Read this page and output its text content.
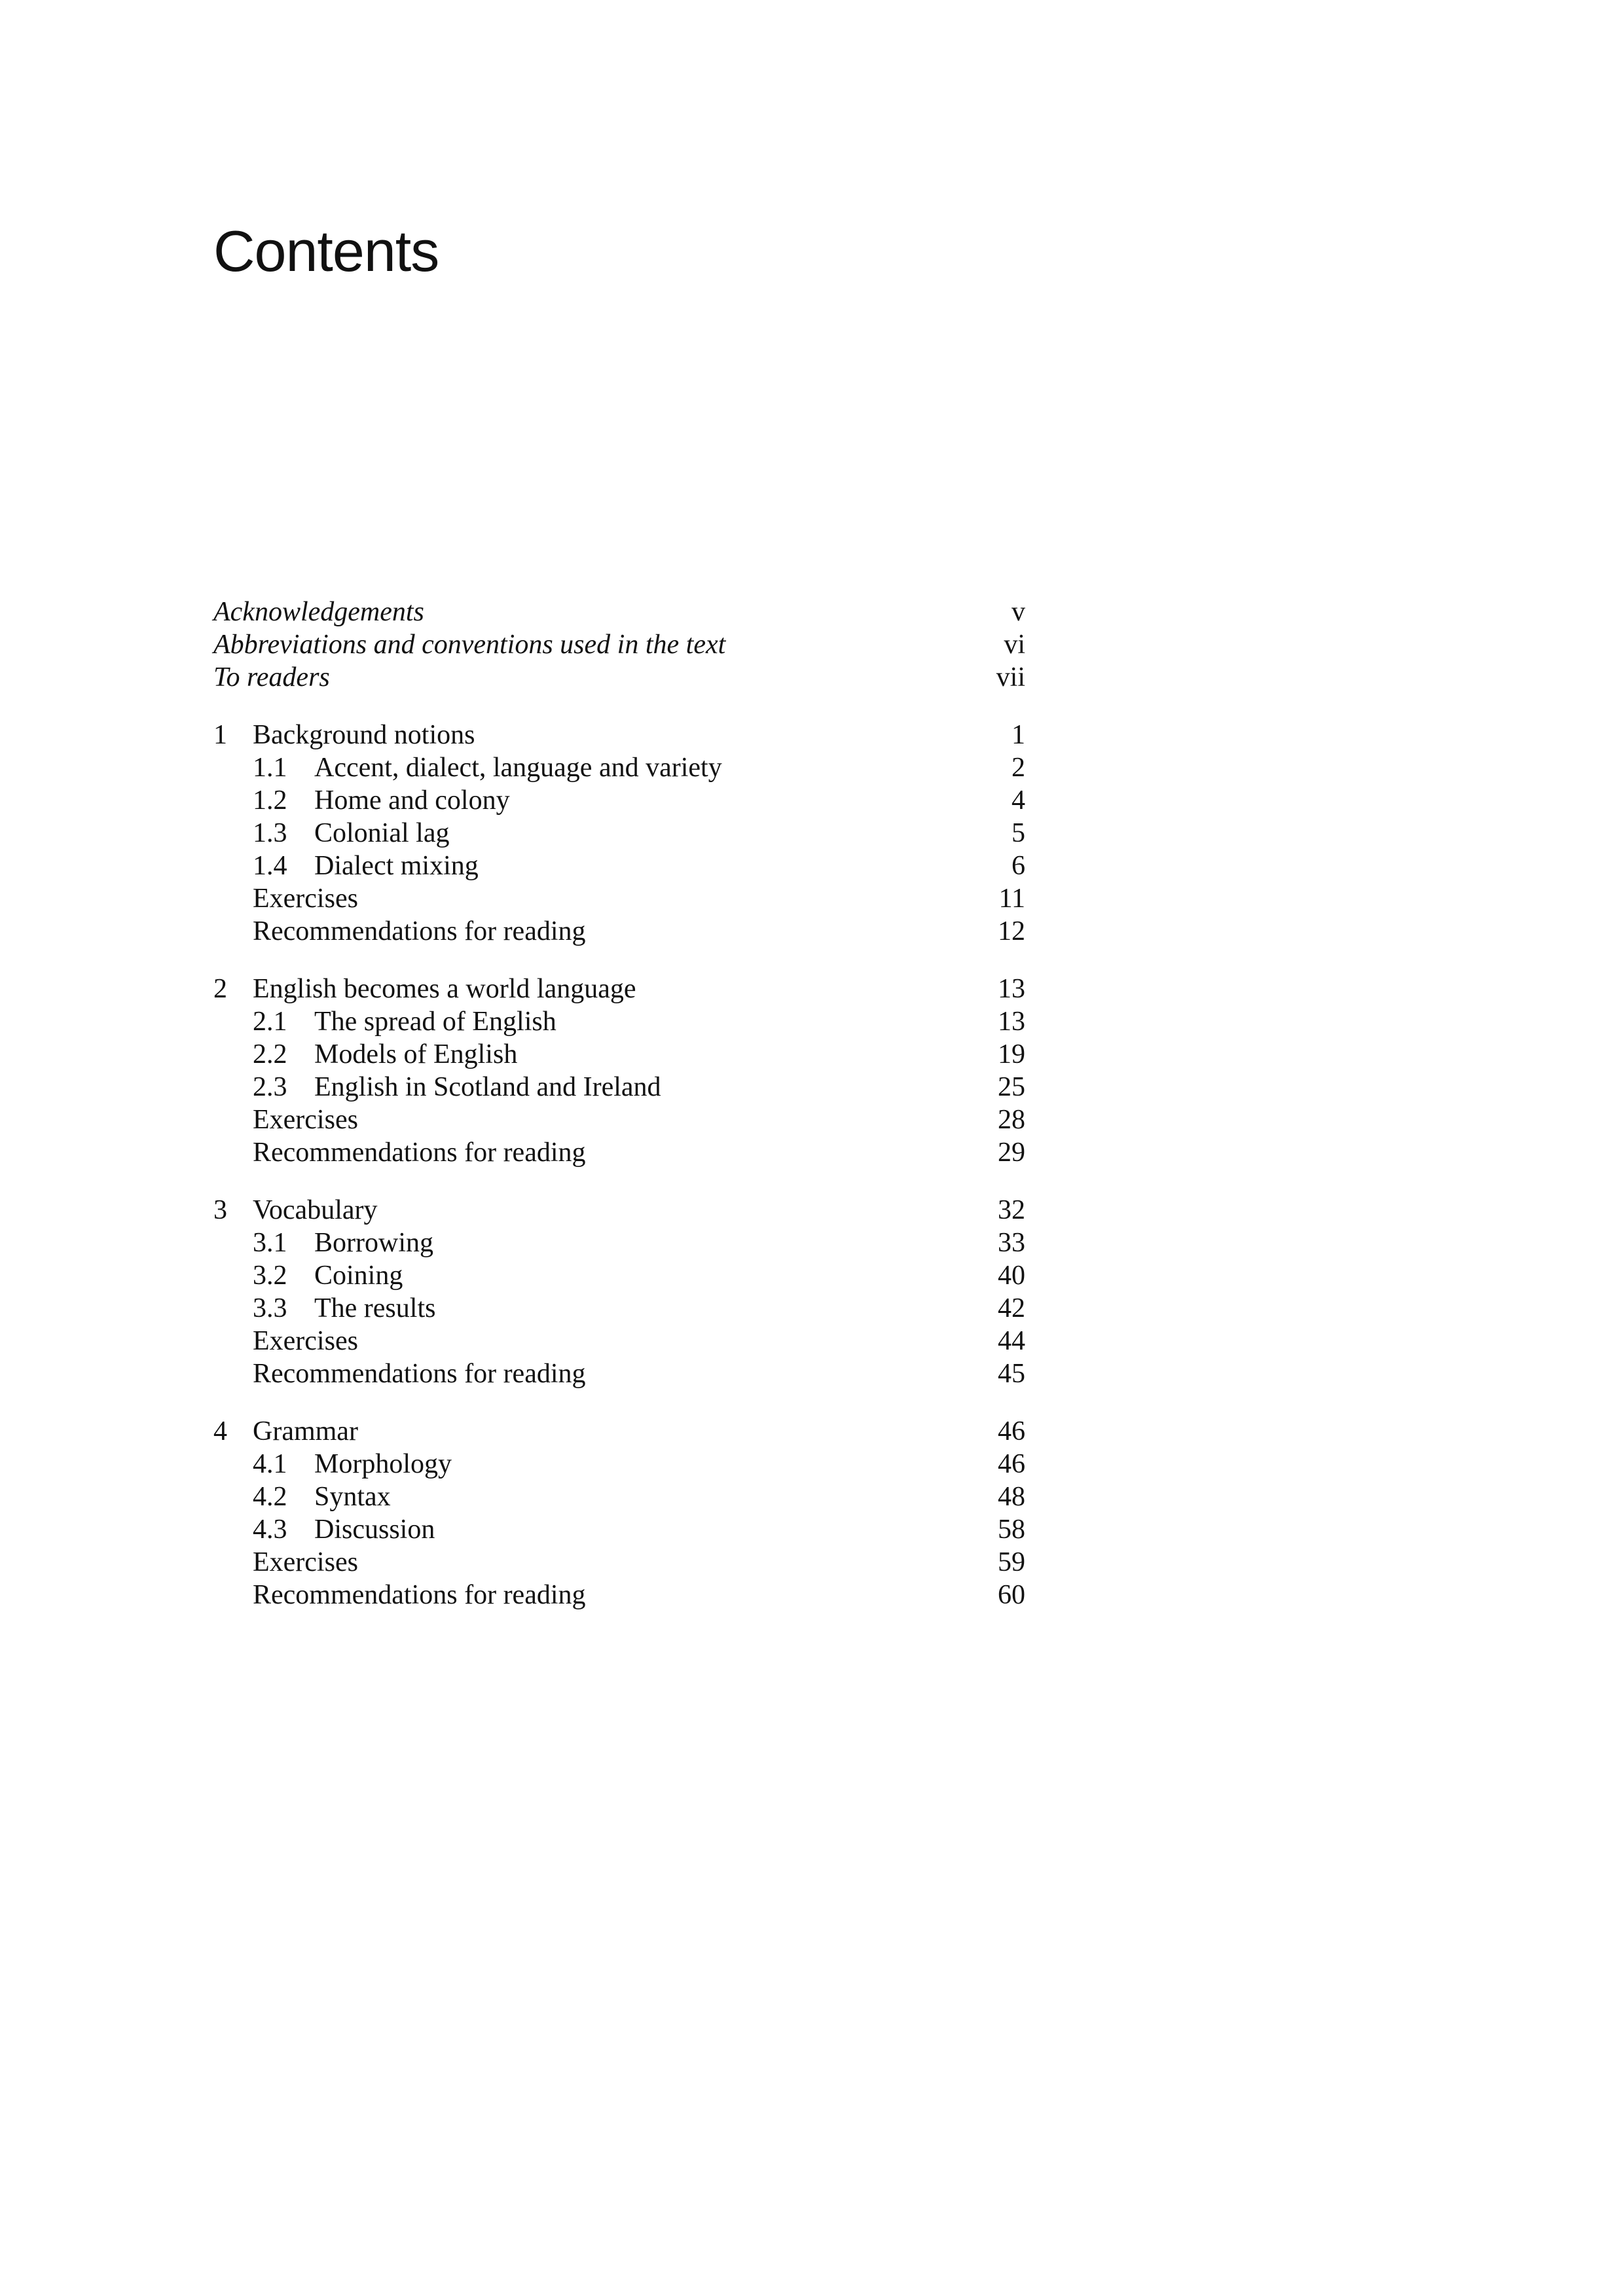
Contents
Acknowledgements	v
Abbreviations and conventions used in the text	vi
To readers	vii
1 Background notions	1
1.1 Accent, dialect, language and variety	2
1.2 Home and colony	4
1.3 Colonial lag	5
1.4 Dialect mixing	6
Exercises	11
Recommendations for reading	12
2 English becomes a world language	13
2.1 The spread of English	13
2.2 Models of English	19
2.3 English in Scotland and Ireland	25
Exercises	28
Recommendations for reading	29
3 Vocabulary	32
3.1 Borrowing	33
3.2 Coining	40
3.3 The results	42
Exercises	44
Recommendations for reading	45
4 Grammar	46
4.1 Morphology	46
4.2 Syntax	48
4.3 Discussion	58
Exercises	59
Recommendations for reading	60
